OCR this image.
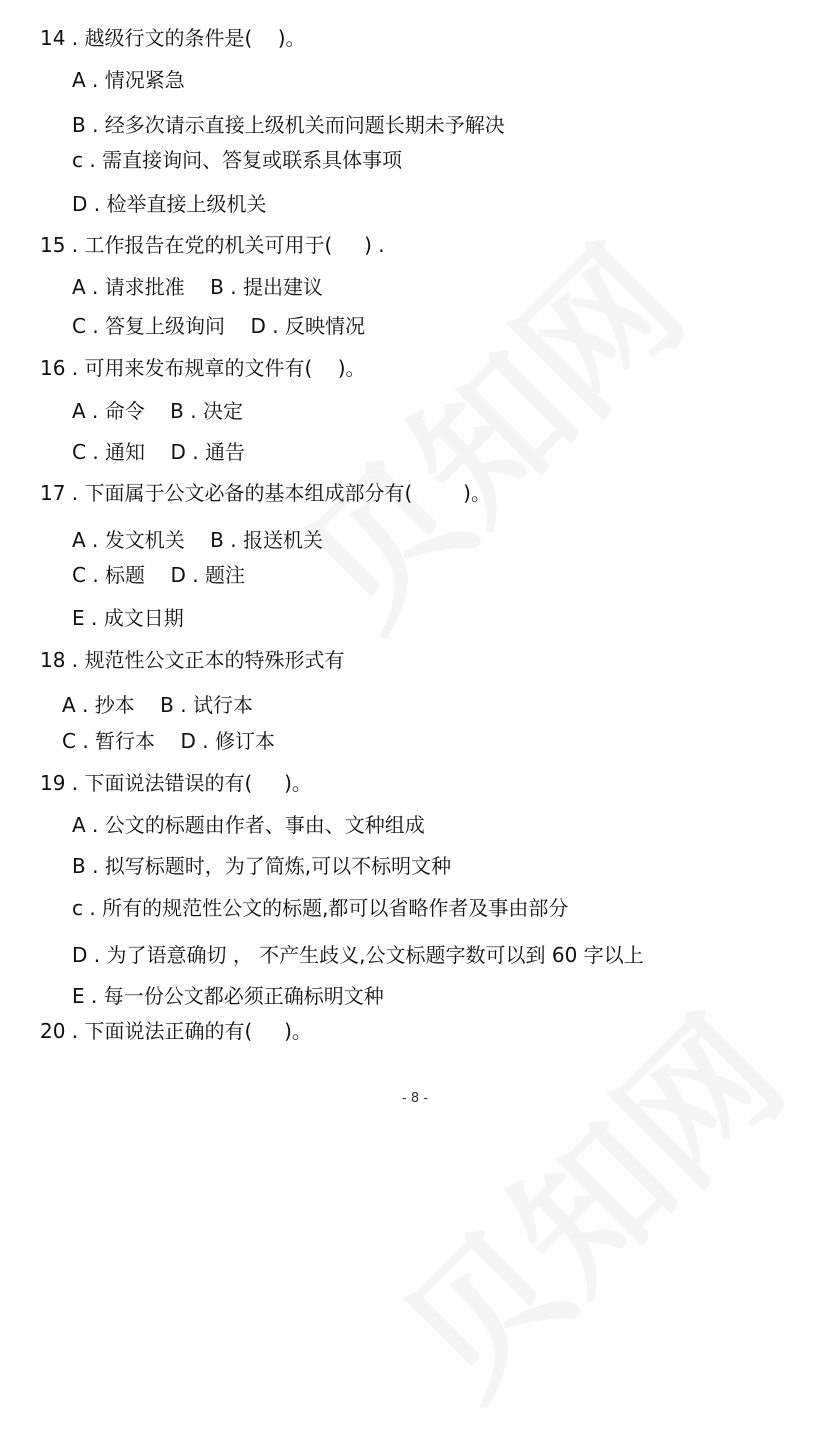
14 . 越级行文的条件是(    )。
A . 情况紧急
B . 经多次请示直接上级机关而问题长期未予解决
c . 需直接询问、答复或联系具体事项
D . 检举直接上级机关
15 . 工作报告在党的机关可用于(     ) .
A . 请求批准    B . 提出建议
C . 答复上级询问    D . 反映情况
16 . 可用来发布规章的文件有(    )。
A . 命令    B . 决定
C . 通知    D . 通告
17 . 下面属于公文必备的基本组成部分有(        )。
A . 发文机关    B . 报送机关
C . 标题    D . 题注
E . 成文日期
18 . 规范性公文正本的特殊形式有
A . 抄本    B . 试行本
C . 暂行本    D . 修订本
19 . 下面说法错误的有(     )。
A . 公文的标题由作者、事由、文种组成
B . 拟写标题时，为了简炼,可以不标明文种
c . 所有的规范性公文的标题,都可以省略作者及事由部分
D . 为了语意确切 ， 不产生歧义,公文标题字数可以到 60 字以上
E . 每一份公文都必须正确标明文种
20 . 下面说法正确的有(     )。
- 8 -
